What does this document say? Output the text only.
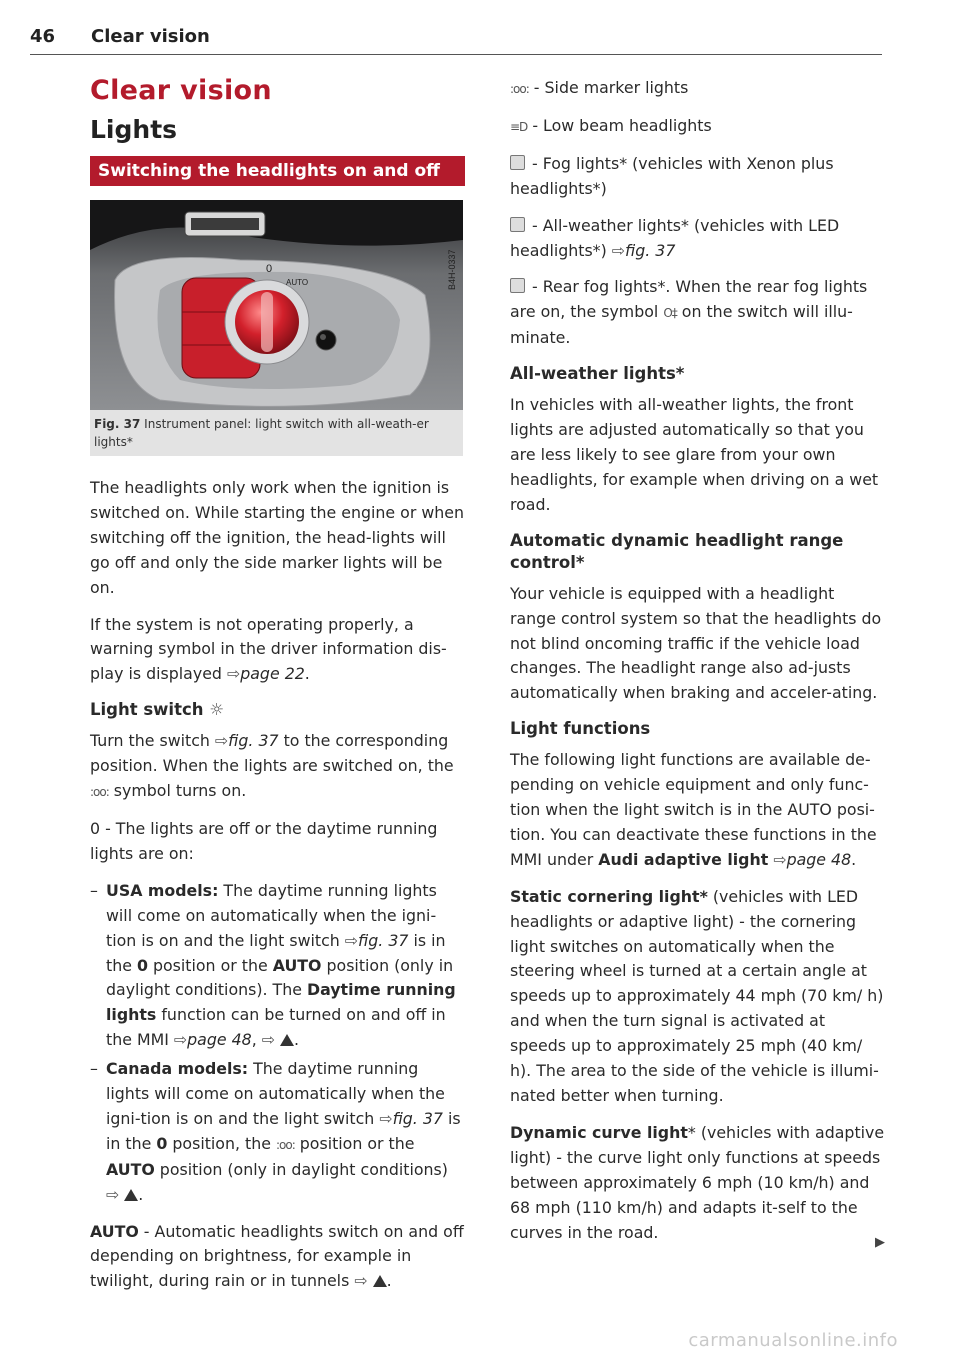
46 Clear vision
Clear vision
Lights
Switching the headlights on and off
0
AUTO	B4H-0337
Fig. 37 Instrument panel: light switch with all-weath-er lights*

The headlights only work when the ignition is switched on. While starting the engine or when switching off the ignition, the head-lights will go off and only the side marker lights will be on.

If the system is not operating properly, a warning symbol in the driver information dis-play is displayed ⇨page 22.

Light switch ☼

Turn the switch ⇨fig. 37 to the corresponding position. When the lights are switched on, the :oo: symbol turns on.

0 - The lights are off or the daytime running lights are on:

– USA models: The daytime running lights will come on automatically when the igni-tion is on and the light switch ⇨fig. 37 is in the 0 position or the AUTO position (only in daylight conditions). The Daytime running lights function can be turned on and off in the MMI ⇨page 48, ⇨ .
– Canada models: The daytime running lights will come on automatically when the igni-tion is on and the light switch ⇨fig. 37 is in the 0 position, the :oo: position or the AUTO position (only in daylight conditions) ⇨ .

AUTO - Automatic headlights switch on and off depending on brightness, for example in twilight, during rain or in tunnels ⇨ .

:oo: - Side marker lights

≡D - Low beam headlights

- Fog lights* (vehicles with Xenon plus headlights*)

- All-weather lights* (vehicles with LED headlights*) ⇨fig. 37

- Rear fog lights*. When the rear fog lights are on, the symbol O‡ on the switch will illu-minate.

All-weather lights*

In vehicles with all-weather lights, the front lights are adjusted automatically so that you are less likely to see glare from your own headlights, for example when driving on a wet road.

Automatic dynamic headlight range control*

Your vehicle is equipped with a headlight range control system so that the headlights do not blind oncoming traffic if the vehicle load changes. The headlight range also ad-justs automatically when braking and acceler-ating.

Light functions

The following light functions are available de-pending on vehicle equipment and only func-tion when the light switch is in the AUTO posi-tion. You can deactivate these functions in the MMI under Audi adaptive light ⇨page 48.

Static cornering light* (vehicles with LED headlights or adaptive light) - the cornering light switches on automatically when the steering wheel is turned at a certain angle at speeds up to approximately 44 mph (70 km/ h) and when the turn signal is activated at speeds up to approximately 25 mph (40 km/ h). The area to the side of the vehicle is illumi-nated better when turning.

Dynamic curve light* (vehicles with adaptive light) - the curve light only functions at speeds between approximately 6 mph (10 km/h) and 68 mph (110 km/h) and adapts it-self to the curves in the road.

▶
carmanualsonline.info
